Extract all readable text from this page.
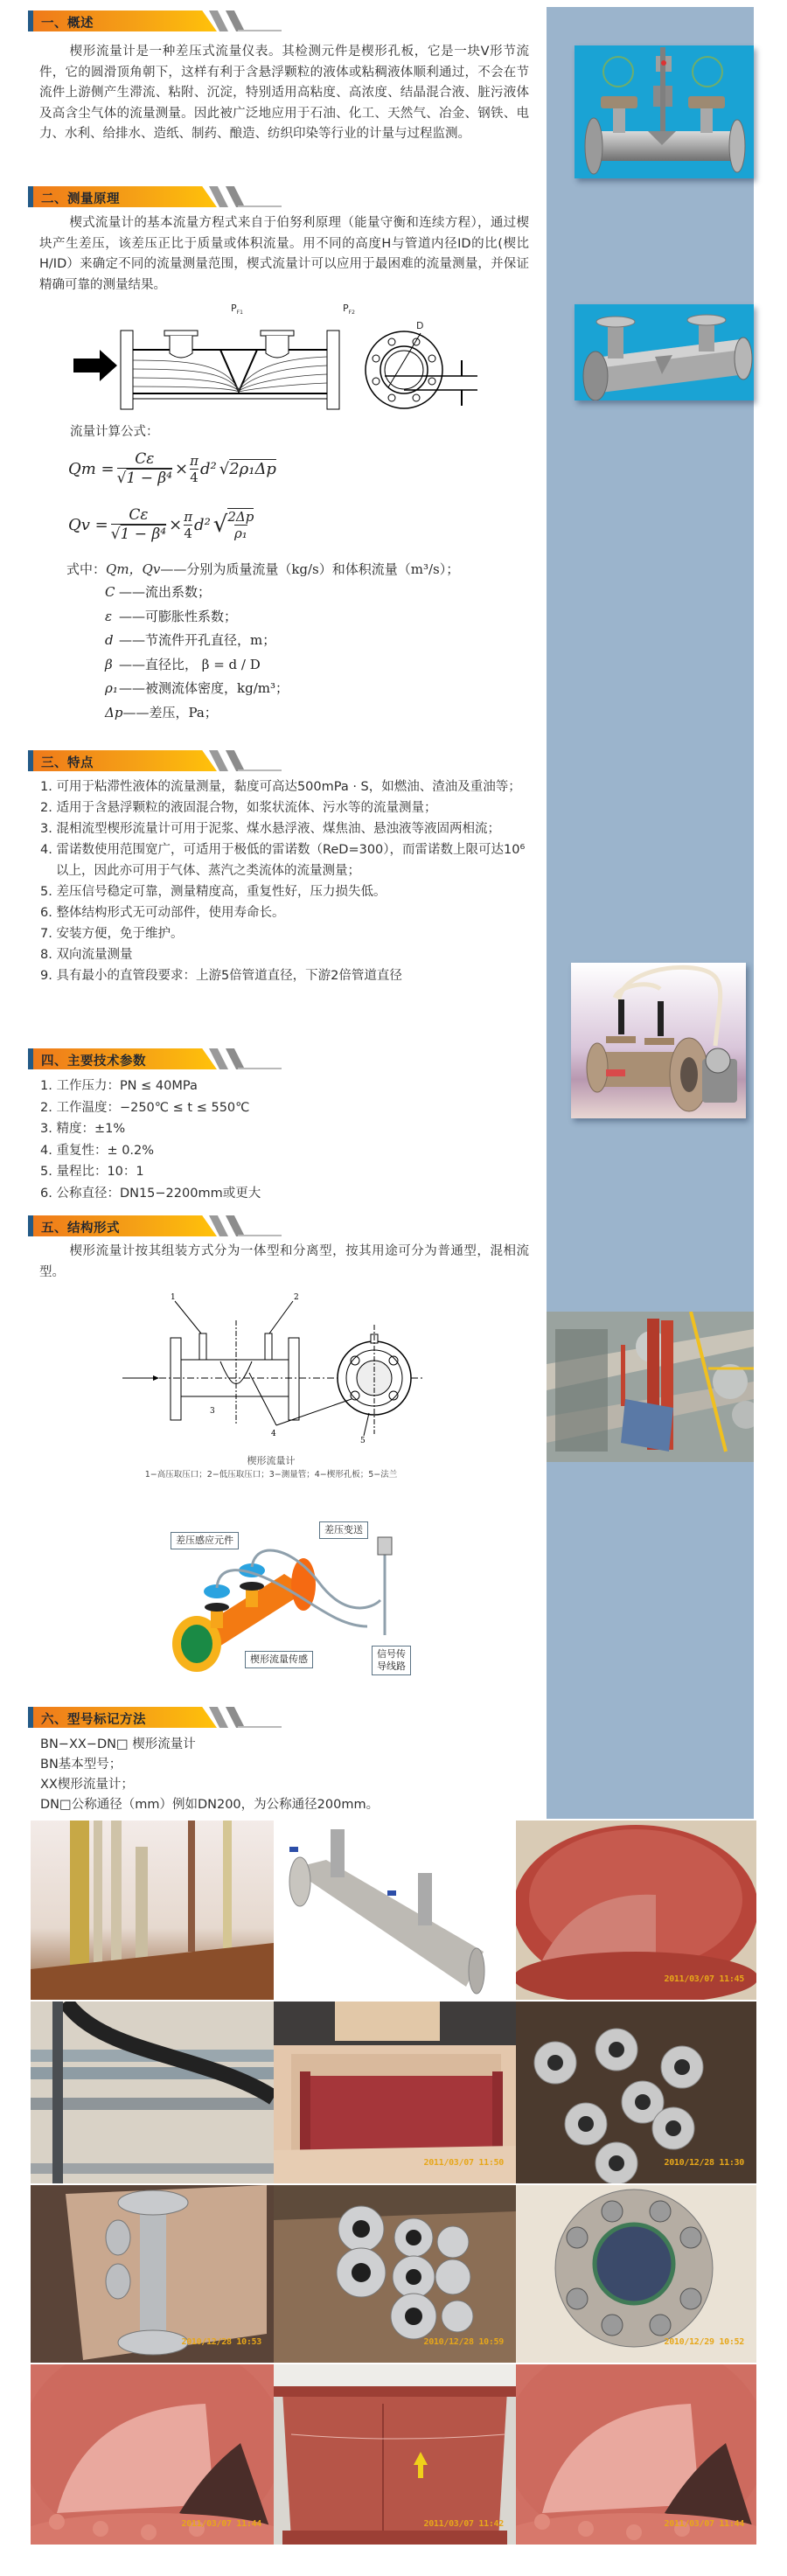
一、概述
楔形流量计是一种差压式流量仪表。其检测元件是楔形孔板，它是一块V形节流件，它的圆滑顶角朝下，这样有利于含悬浮颗粒的液体或粘稠液体顺利通过，不会在节流件上游侧产生滞流、粘附、沉淀，特别适用高粘度、高浓度、结晶混合液、脏污液体及高含尘气体的流量测量。因此被广泛地应用于石油、化工、天然气、冶金、钢铁、电力、水利、给排水、造纸、制药、酿造、纺织印染等行业的计量与过程监测。
二、测量原理
楔式流量计的基本流量方程式来自于伯努利原理（能量守衡和连续方程），通过楔块产生差压，该差压正比于质量或体积流量。用不同的高度H与管道内径ID的比(楔比H/ID）来确定不同的流量测量范围，楔式流量计可以应用于最困难的流量测量，并保证精确可靠的测量结果。
$P_{F1}$	$P_{F2}$
D
流量计算公式：
$Qm = \frac{C\varepsilon}{\text{√1 − β⁴}} \times \frac{\pi}{4} d^2$ √2ρ₁Δp
$Qv = \frac{C\varepsilon}{\text{√1 − β⁴}} \times \frac{\pi}{4} d^2$ √ 2Δp
ρ₁
式中：Qm，Qv——分别为质量流量（kg/s）和体积流量（m³/s）；
C ——流出系数；
ε ——可膨胀性系数；
d ——节流件开孔直径，m；
β ——直径比， β = d / D
ρ₁——被测流体密度，kg/m³；
Δp——差压，Pa；
三、特点
1. 可用于粘滞性液体的流量测量，黏度可高达500mPa · S，如燃油、渣油及重油等；
2. 适用于含悬浮颗粒的液固混合物，如浆状流体、污水等的流量测量；
3. 混相流型楔形流量计可用于泥浆、煤水悬浮液、煤焦油、悬浊液等液固两相流；
4. 雷诺数使用范围宽广，可适用于极低的雷诺数（ReD=300），而雷诺数上限可达10⁶以上，因此亦可用于气体、蒸汽之类流体的流量测量；
5. 差压信号稳定可靠，测量精度高，重复性好，压力损失低。
6. 整体结构形式无可动部件，使用寿命长。
7. 安装方便，免于维护。
8. 双向流量测量
9. 具有最小的直管段要求：上游5倍管道直径，下游2倍管道直径
四、主要技术参数
1. 工作压力：PN ≤ 40MPa
2. 工作温度：−250℃ ≤ t ≤ 550℃
3. 精度：±1%
4. 重复性：± 0.2%
5. 量程比：10：1
6. 公称直径：DN15−2200mm或更大
五、结构形式
楔形流量计按其组装方式分为一体型和分离型，按其用途可分为普通型，混相流型。
1	2
3
4
5
楔形流量计
1−高压取压口；2−低压取压口；3−测量管；4−楔形孔板；5−法兰
差压感应元件
差压变送
楔形流量传感	信号传
导线路
六、型号标记方法
BN−XX−DN□ 楔形流量计
BN基本型号；
XX楔形流量计；
DN□公称通径（mm）例如DN200，为公称通径200mm。
2011/03/07 11:45
2011/03/07 11:50	2010/12/28 11:30
2010/12/28 10:53	2010/12/28 10:59	2010/12/29 10:52
2011/03/07 11:44	2011/03/07 11:42	2011/03/07 11:44
